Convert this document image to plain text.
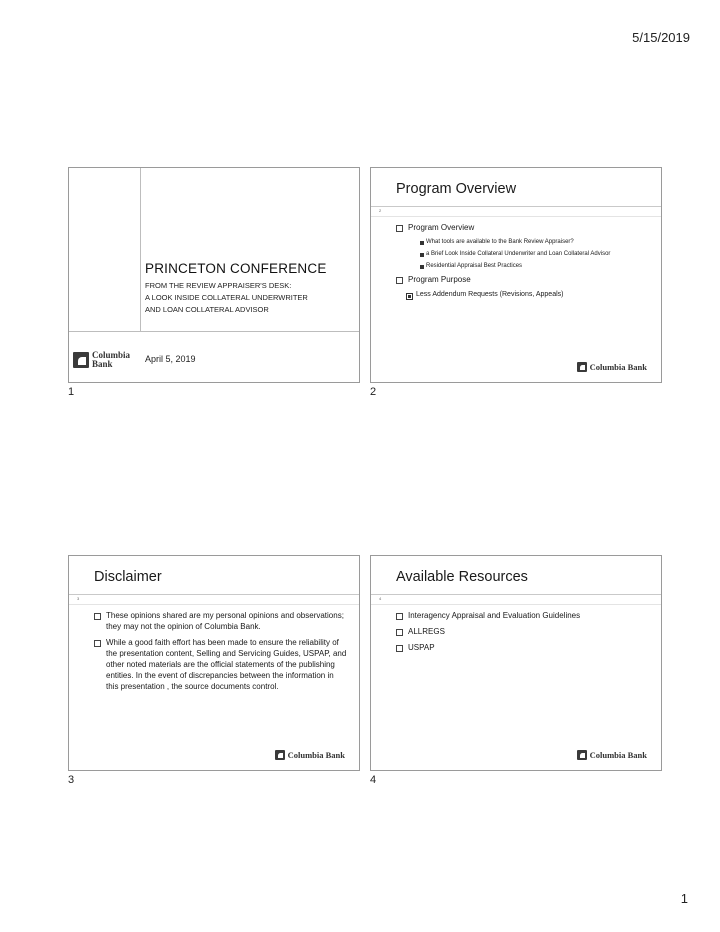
5/15/2019
PRINCETON CONFERENCE
FROM THE REVIEW APPRAISER'S DESK:
A LOOK INSIDE COLLATERAL UNDERWRITER
AND LOAN COLLATERAL ADVISOR
Columbia
Bank	April 5, 2019
1
Program Overview
2
Program Overview
What tools are available to the Bank Review Appraiser?
a Brief Look Inside Collateral Underwriter and Loan Collateral Advisor
Residential Appraisal Best Practices
Program Purpose
Less Addendum Requests (Revisions, Appeals)
Columbia Bank
2
Disclaimer
3
These opinions shared are my personal opinions and observations; they may not the opinion of Columbia Bank.
While a good faith effort has been made to ensure the reliability of the presentation content, Selling and Servicing Guides, USPAP, and other noted materials are the official statements of the publishing entities. In the event of discrepancies between the information in this presentation , the source documents control.
Columbia Bank
3
Available Resources
4
Interagency Appraisal and Evaluation Guidelines
ALLREGS
USPAP
Columbia Bank
4
1
